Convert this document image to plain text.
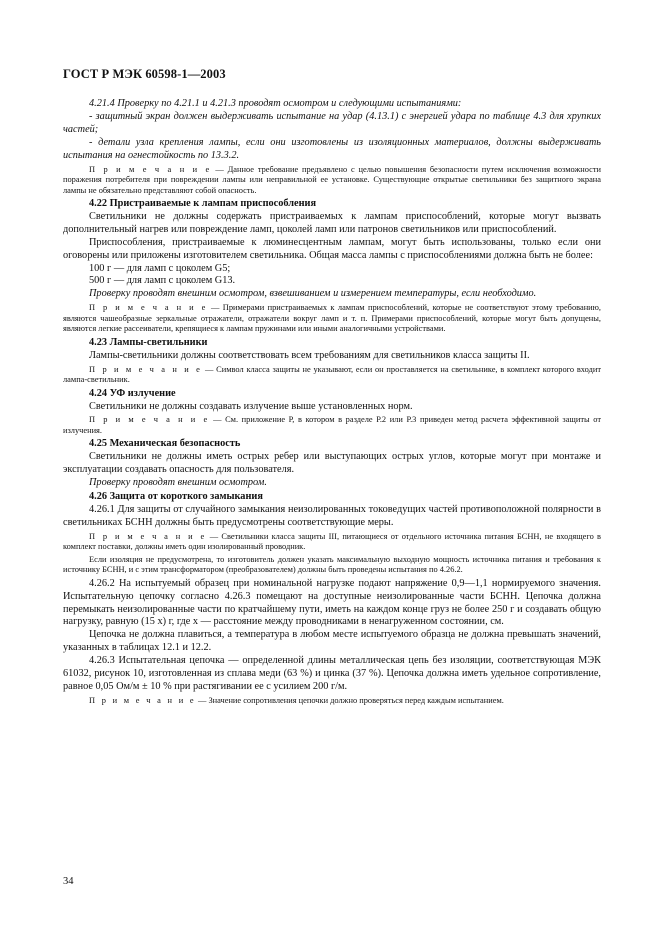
ГОСТ Р МЭК 60598-1—2003

4.21.4 Проверку по 4.21.1 и 4.21.3 проводят осмотром и следующими испытаниями:

- защитный экран должен выдерживать испытание на удар (4.13.1) с энергией удара по таблице 4.3 для хрупких частей;

- детали узла крепления лампы, если они изготовлены из изоляционных материалов, должны выдерживать испытания на огнестойкость по 13.3.2.

П р и м е ч а н и е — Данное требование предъявлено с целью повышения безопасности путем исключения возможности поражения потребителя при повреждении лампы или неправильной ее установке. Существующие открытые светильники без защитного экрана лампы не обязательно представляют собой опасность.

4.22 Пристраиваемые к лампам приспособления

Светильники не должны содержать пристраиваемых к лампам приспособлений, которые могут вызвать дополнительный нагрев или повреждение ламп, цоколей ламп или патронов светильников или приспособлений.

Приспособления, пристраиваемые к люминесцентным лампам, могут быть использованы, только если они оговорены или приложены изготовителем светильника. Общая масса лампы с приспособлениями должна быть не более:

100 г — для ламп с цоколем G5;

500 г — для ламп с цоколем G13.

Проверку проводят внешним осмотром, взвешиванием и измерением температуры, если необходимо.

П р и м е ч а н и е — Примерами пристраиваемых к лампам приспособлений, которые не соответствуют этому требованию, являются чашеобразные зеркальные отражатели, отражатели вокруг ламп и т. п. Примерами приспособлений, которые могут быть допущены, являются легкие рассеиватели, крепящиеся к лампам пружинами или иными аналогичными устройствами.

4.23 Лампы-светильники

Лампы-светильники должны соответствовать всем требованиям для светильников класса защиты II.

П р и м е ч а н и е — Символ класса защиты не указывают, если он проставляется на светильнике, в комплект которого входит лампа-светильник.

4.24 УФ излучение

Светильники не должны создавать излучение выше установленных норм.

П р и м е ч а н и е — См. приложение Р, в котором в разделе Р.2 или Р.3 приведен метод расчета эффективной защиты от излучения.

4.25 Механическая безопасность

Светильники не должны иметь острых ребер или выступающих острых углов, которые могут при монтаже и эксплуатации создавать опасность для пользователя.

Проверку проводят внешним осмотром.

4.26 Защита от короткого замыкания

4.26.1 Для защиты от случайного замыкания неизолированных токоведущих частей противоположной полярности в светильниках БСНН должны быть предусмотрены соответствующие меры.

П р и м е ч а н и е — Светильники класса защиты III, питающиеся от отдельного источника питания БСНН, не входящего в комплект поставки, должны иметь один изолированный проводник.

Если изоляция не предусмотрена, то изготовитель должен указать максимальную выходную мощность источника питания и требования к источнику БСНН, и с этим трансформатором (преобразователем) должны быть проведены испытания по 4.26.2.

4.26.2 На испытуемый образец при номинальной нагрузке подают напряжение 0,9—1,1 нормируемого значения. Испытательную цепочку согласно 4.26.3 помещают на доступные неизолированные части БСНН. Цепочка должна перемыкать неизолированные части по кратчайшему пути, иметь на каждом конце груз не более 250 г и создавать общую нагрузку, равную (15 х) г, где х — расстояние между проводниками в ненагруженном состоянии, см.

Цепочка не должна плавиться, а температура в любом месте испытуемого образца не должна превышать значений, указанных в таблицах 12.1 и 12.2.

4.26.3 Испытательная цепочка — определенной длины металлическая цепь без изоляции, соответствующая МЭК 61032, рисунок 10, изготовленная из сплава меди (63 %) и цинка (37 %). Цепочка должна иметь удельное сопротивление, равное 0,05 Ом/м ± 10 % при растягивании ее с усилием 200 г/м.

П р и м е ч а н и е — Значение сопротивления цепочки должно проверяться перед каждым испытанием.

34
